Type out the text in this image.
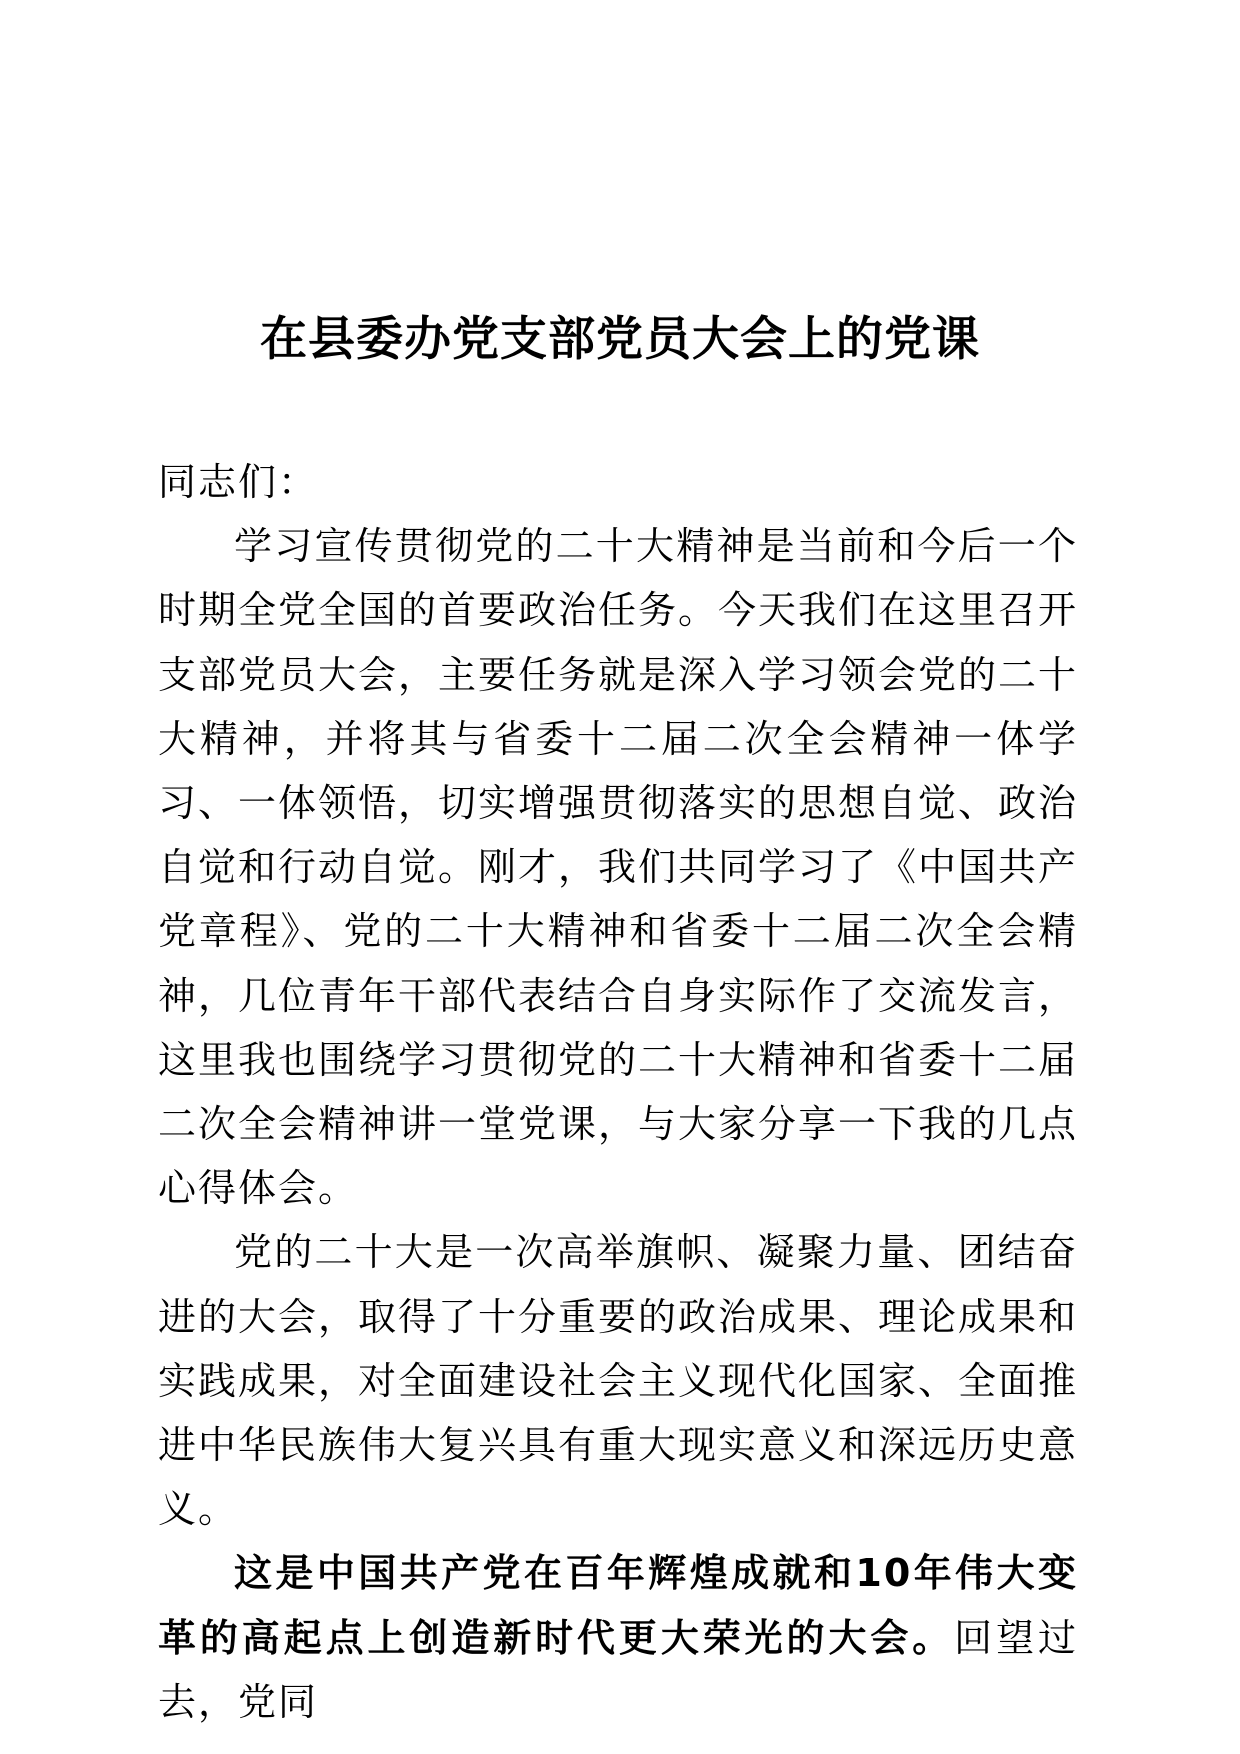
在县委办党支部党员大会上的党课

同志们：

学习宣传贯彻党的二十大精神是当前和今后一个时期全党全国的首要政治任务。今天我们在这里召开支部党员大会，主要任务就是深入学习领会党的二十大精神，并将其与省委十二届二次全会精神一体学习、一体领悟，切实增强贯彻落实的思想自觉、政治自觉和行动自觉。刚才，我们共同学习了《中国共产党章程》、党的二十大精神和省委十二届二次全会精神，几位青年干部代表结合自身实际作了交流发言，这里我也围绕学习贯彻党的二十大精神和省委十二届二次全会精神讲一堂党课，与大家分享一下我的几点心得体会。

党的二十大是一次高举旗帜、凝聚力量、团结奋进的大会，取得了十分重要的政治成果、理论成果和实践成果，对全面建设社会主义现代化国家、全面推进中华民族伟大复兴具有重大现实意义和深远历史意义。

这是中国共产党在百年辉煌成就和10年伟大变革的高起点上创造新时代更大荣光的大会。回望过去，党同
